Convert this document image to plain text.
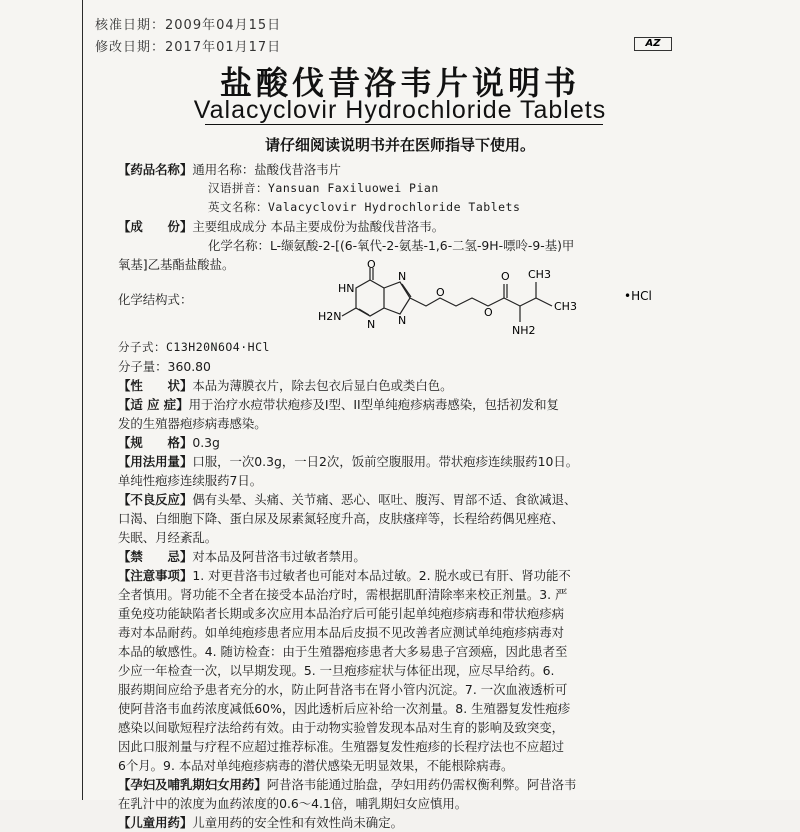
核准日期：2009年04月15日
修改日期：2017年01月17日	AZ
盐酸伐昔洛韦片说明书
Valacyclovir Hydrochloride Tablets
请仔细阅读说明书并在医师指导下使用。
【药品名称】通用名称：盐酸伐昔洛韦片
汉语拼音：Yansuan Faxiluowei Pian
英文名称：Valacyclovir Hydrochloride Tablets
【成　　份】主要组成成分 本品主要成份为盐酸伐昔洛韦。
化学名称：L-缬氨酸-2-[(6-氧代-2-氨基-1,6-二氢-9H-嘌呤-9-基)甲
氧基]乙基酯盐酸盐。
化学结构式：
O
HN
H2N
N
N
N
O
O
O CH3
CH3
NH2
•HCl
分子式：C13H20N6O4·HCl
分子量：360.80
【性　　状】本品为薄膜衣片，除去包衣后显白色或类白色。
【适 应 症】用于治疗水痘带状疱疹及I型、II型单纯疱疹病毒感染，包括初发和复
发的生殖器疱疹病毒感染。
【规　　格】0.3g
【用法用量】口服，一次0.3g，一日2次，饭前空腹服用。带状疱疹连续服药10日。
单纯性疱疹连续服药7日。
【不良反应】偶有头晕、头痛、关节痛、恶心、呕吐、腹泻、胃部不适、食欲减退、
口渴、白细胞下降、蛋白尿及尿素氮轻度升高，皮肤瘙痒等，长程给药偶见痤疮、
失眠、月经紊乱。
【禁　　忌】对本品及阿昔洛韦过敏者禁用。
【注意事项】1. 对更昔洛韦过敏者也可能对本品过敏。2. 脱水或已有肝、肾功能不
全者慎用。肾功能不全者在接受本品治疗时，需根据肌酐清除率来校正剂量。3. 严
重免疫功能缺陷者长期或多次应用本品治疗后可能引起单纯疱疹病毒和带状疱疹病
毒对本品耐药。如单纯疱疹患者应用本品后皮损不见改善者应测试单纯疱疹病毒对
本品的敏感性。4. 随访检查：由于生殖器疱疹患者大多易患子宫颈癌，因此患者至
少应一年检查一次，以早期发现。5. 一旦疱疹症状与体征出现，应尽早给药。6.
服药期间应给予患者充分的水，防止阿昔洛韦在肾小管内沉淀。7. 一次血液透析可
使阿昔洛韦血药浓度减低60%，因此透析后应补给一次剂量。8. 生殖器复发性疱疹
感染以间歇短程疗法给药有效。由于动物实验曾发现本品对生育的影响及致突变，
因此口服剂量与疗程不应超过推荐标准。生殖器复发性疱疹的长程疗法也不应超过
6个月。9. 本品对单纯疱疹病毒的潜伏感染无明显效果，不能根除病毒。
【孕妇及哺乳期妇女用药】阿昔洛韦能通过胎盘，孕妇用药仍需权衡利弊。阿昔洛韦
在乳汁中的浓度为血药浓度的0.6～4.1倍，哺乳期妇女应慎用。
【儿童用药】儿童用药的安全性和有效性尚未确定。
